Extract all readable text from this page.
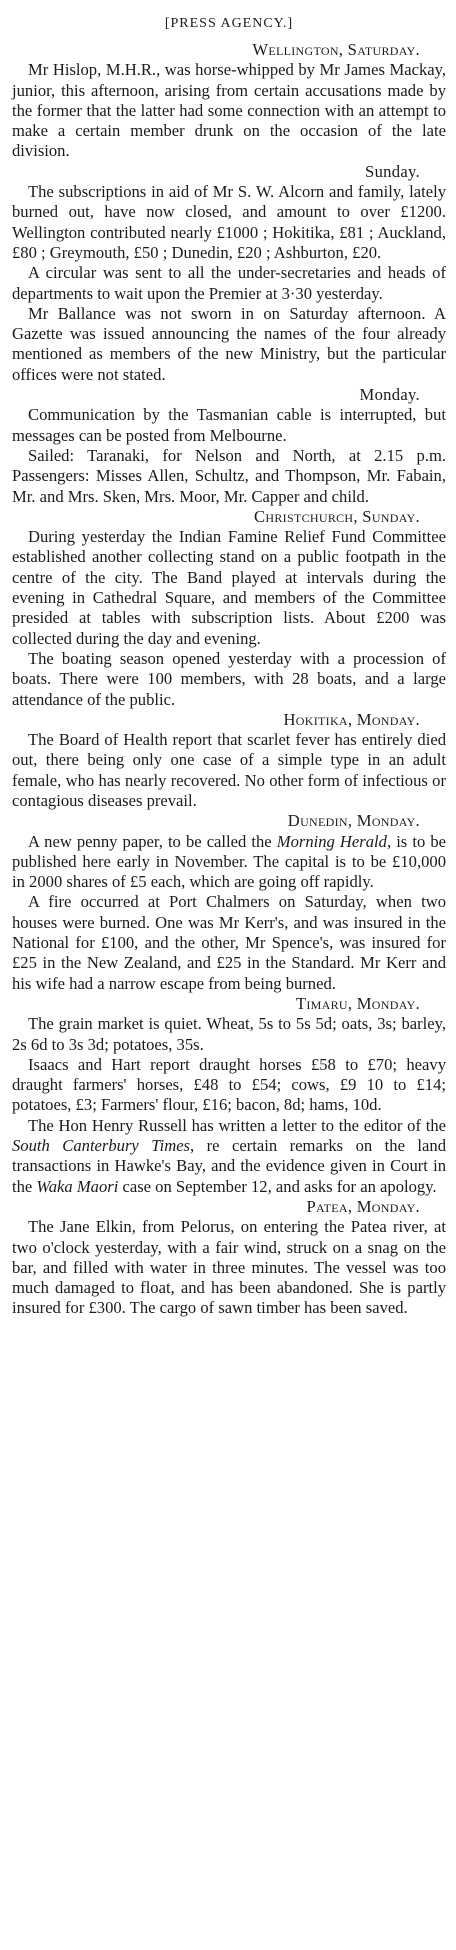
[PRESS AGENCY.]
Wellington, Saturday.

Mr Hislop, M.H.R., was horse-whipped by Mr James Mackay, junior, this afternoon, arising from certain accusations made by the former that the latter had some connection with an attempt to make a certain member drunk on the occasion of the late division.

Sunday.

The subscriptions in aid of Mr S. W. Alcorn and family, lately burned out, have now closed, and amount to over £1200. Wellington contributed nearly £1000 ; Hokitika, £81 ; Auckland, £80 ; Greymouth, £50 ; Dunedin, £20 ; Ashburton, £20.

A circular was sent to all the under-secretaries and heads of departments to wait upon the Premier at 3·30 yesterday.

Mr Ballance was not sworn in on Saturday afternoon. A Gazette was issued announcing the names of the four already mentioned as members of the new Ministry, but the particular offices were not stated.

Monday.

Communication by the Tasmanian cable is interrupted, but messages can be posted from Melbourne.

Sailed: Taranaki, for Nelson and North, at 2.15 p.m. Passengers: Misses Allen, Schultz, and Thompson, Mr. Fabain, Mr. and Mrs. Sken, Mrs. Moor, Mr. Capper and child.

Christchurch, Sunday.

During yesterday the Indian Famine Relief Fund Committee established another collecting stand on a public footpath in the centre of the city. The Band played at intervals during the evening in Cathedral Square, and members of the Committee presided at tables with subscription lists. About £200 was collected during the day and evening.

The boating season opened yesterday with a procession of boats. There were 100 members, with 28 boats, and a large attendance of the public.

Hokitika, Monday.

The Board of Health report that scarlet fever has entirely died out, there being only one case of a simple type in an adult female, who has nearly recovered. No other form of infectious or contagious diseases prevail.

Dunedin, Monday.

A new penny paper, to be called the Morning Herald, is to be published here early in November. The capital is to be £10,000 in 2000 shares of £5 each, which are going off rapidly.

A fire occurred at Port Chalmers on Saturday, when two houses were burned. One was Mr Kerr's, and was insured in the National for £100, and the other, Mr Spence's, was insured for £25 in the New Zealand, and £25 in the Standard. Mr Kerr and his wife had a narrow escape from being burned.

Timaru, Monday.

The grain market is quiet. Wheat, 5s to 5s 5d; oats, 3s; barley, 2s 6d to 3s 3d; potatoes, 35s.

Isaacs and Hart report draught horses £58 to £70; heavy draught farmers' horses, £48 to £54; cows, £9 10 to £14; potatoes, £3; Farmers' flour, £16; bacon, 8d; hams, 10d.

The Hon Henry Russell has written a letter to the editor of the South Canterbury Times, re certain remarks on the land transactions in Hawke's Bay, and the evidence given in Court in the Waka Maori case on September 12, and asks for an apology.

Patea, Monday.

The Jane Elkin, from Pelorus, on entering the Patea river, at two o'clock yesterday, with a fair wind, struck on a snag on the bar, and filled with water in three minutes. The vessel was too much damaged to float, and has been abandoned. She is partly insured for £300. The cargo of sawn timber has been saved.
